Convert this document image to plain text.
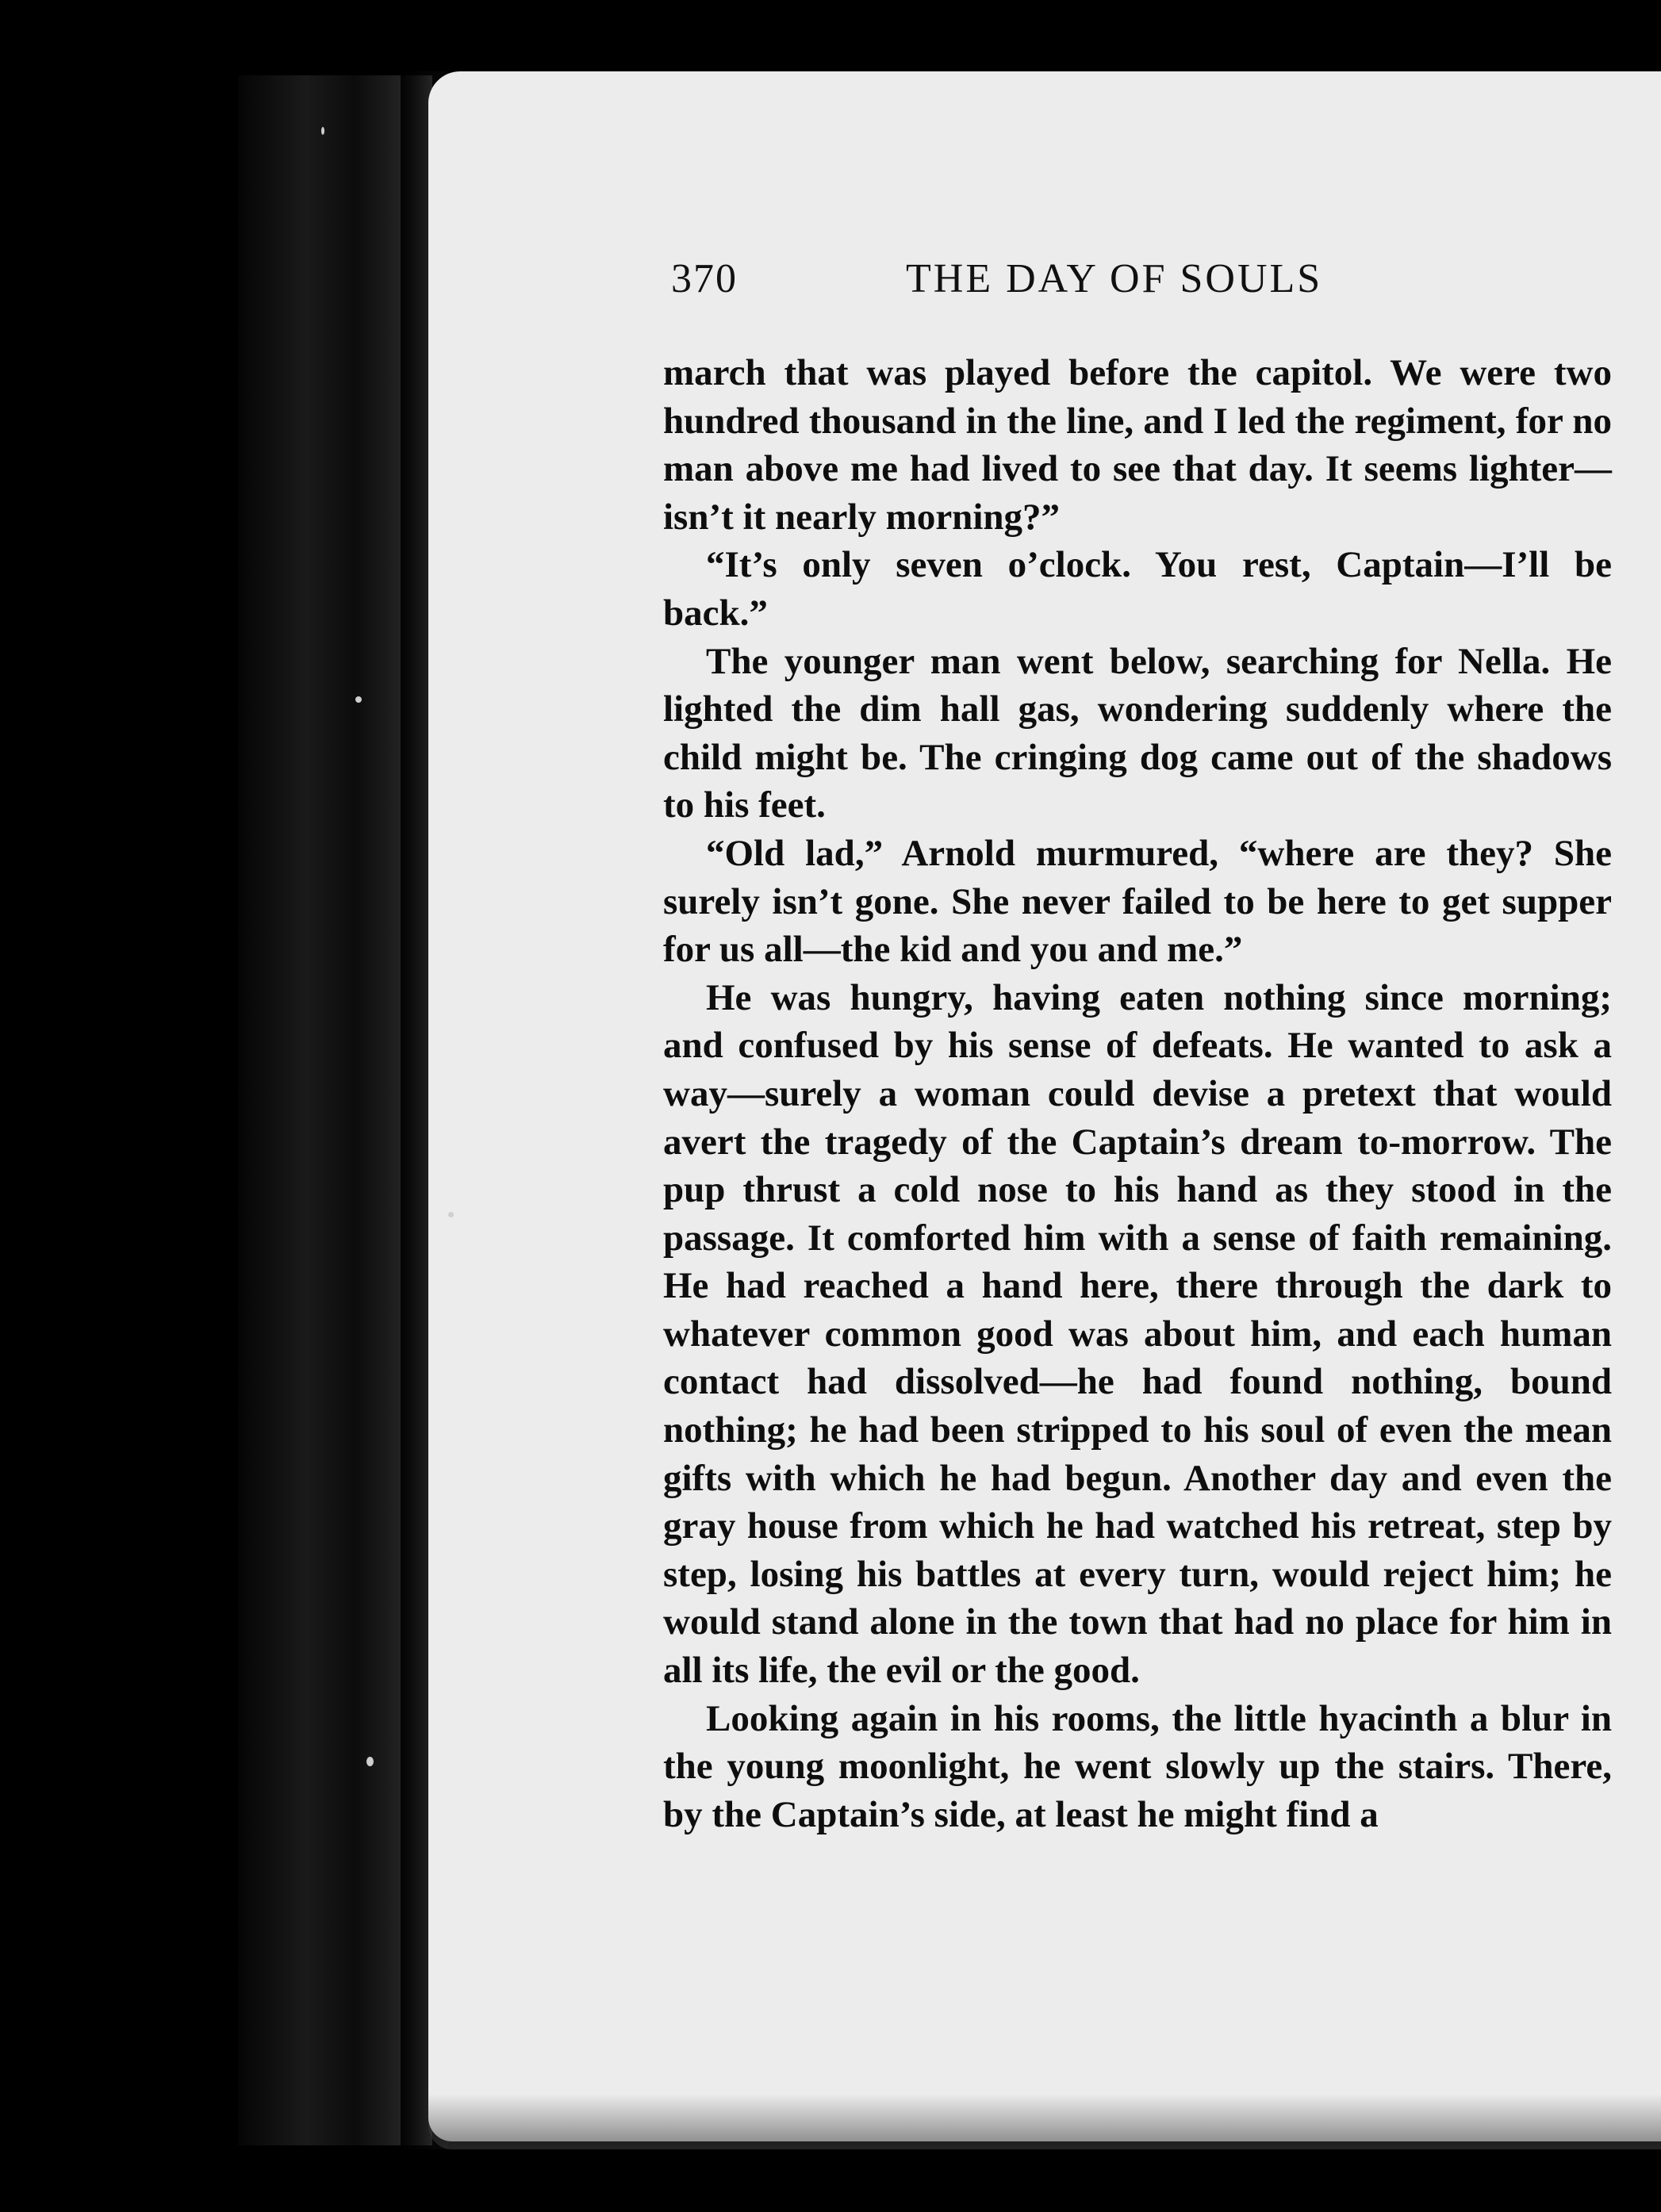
370	THE DAY OF SOULS

march that was played before the capitol. We were two hundred thousand in the line, and I led the regiment, for no man above me had lived to see that day. It seems lighter—isn’t it nearly morning?”

“It’s only seven o’clock. You rest, Captain—I’ll be back.”

The younger man went below, searching for Nella. He lighted the dim hall gas, wondering suddenly where the child might be. The cringing dog came out of the shadows to his feet.

“Old lad,” Arnold murmured, “where are they? She surely isn’t gone. She never failed to be here to get supper for us all—the kid and you and me.”

He was hungry, having eaten nothing since morning; and confused by his sense of defeats. He wanted to ask a way—surely a woman could devise a pretext that would avert the tragedy of the Captain’s dream to-morrow. The pup thrust a cold nose to his hand as they stood in the passage. It comforted him with a sense of faith remaining. He had reached a hand here, there through the dark to whatever common good was about him, and each human contact had dissolved—he had found nothing, bound nothing; he had been stripped to his soul of even the mean gifts with which he had begun. Another day and even the gray house from which he had watched his retreat, step by step, losing his battles at every turn, would reject him; he would stand alone in the town that had no place for him in all its life, the evil or the good.

Looking again in his rooms, the little hyacinth a blur in the young moonlight, he went slowly up the stairs. There, by the Captain’s side, at least he might find a
